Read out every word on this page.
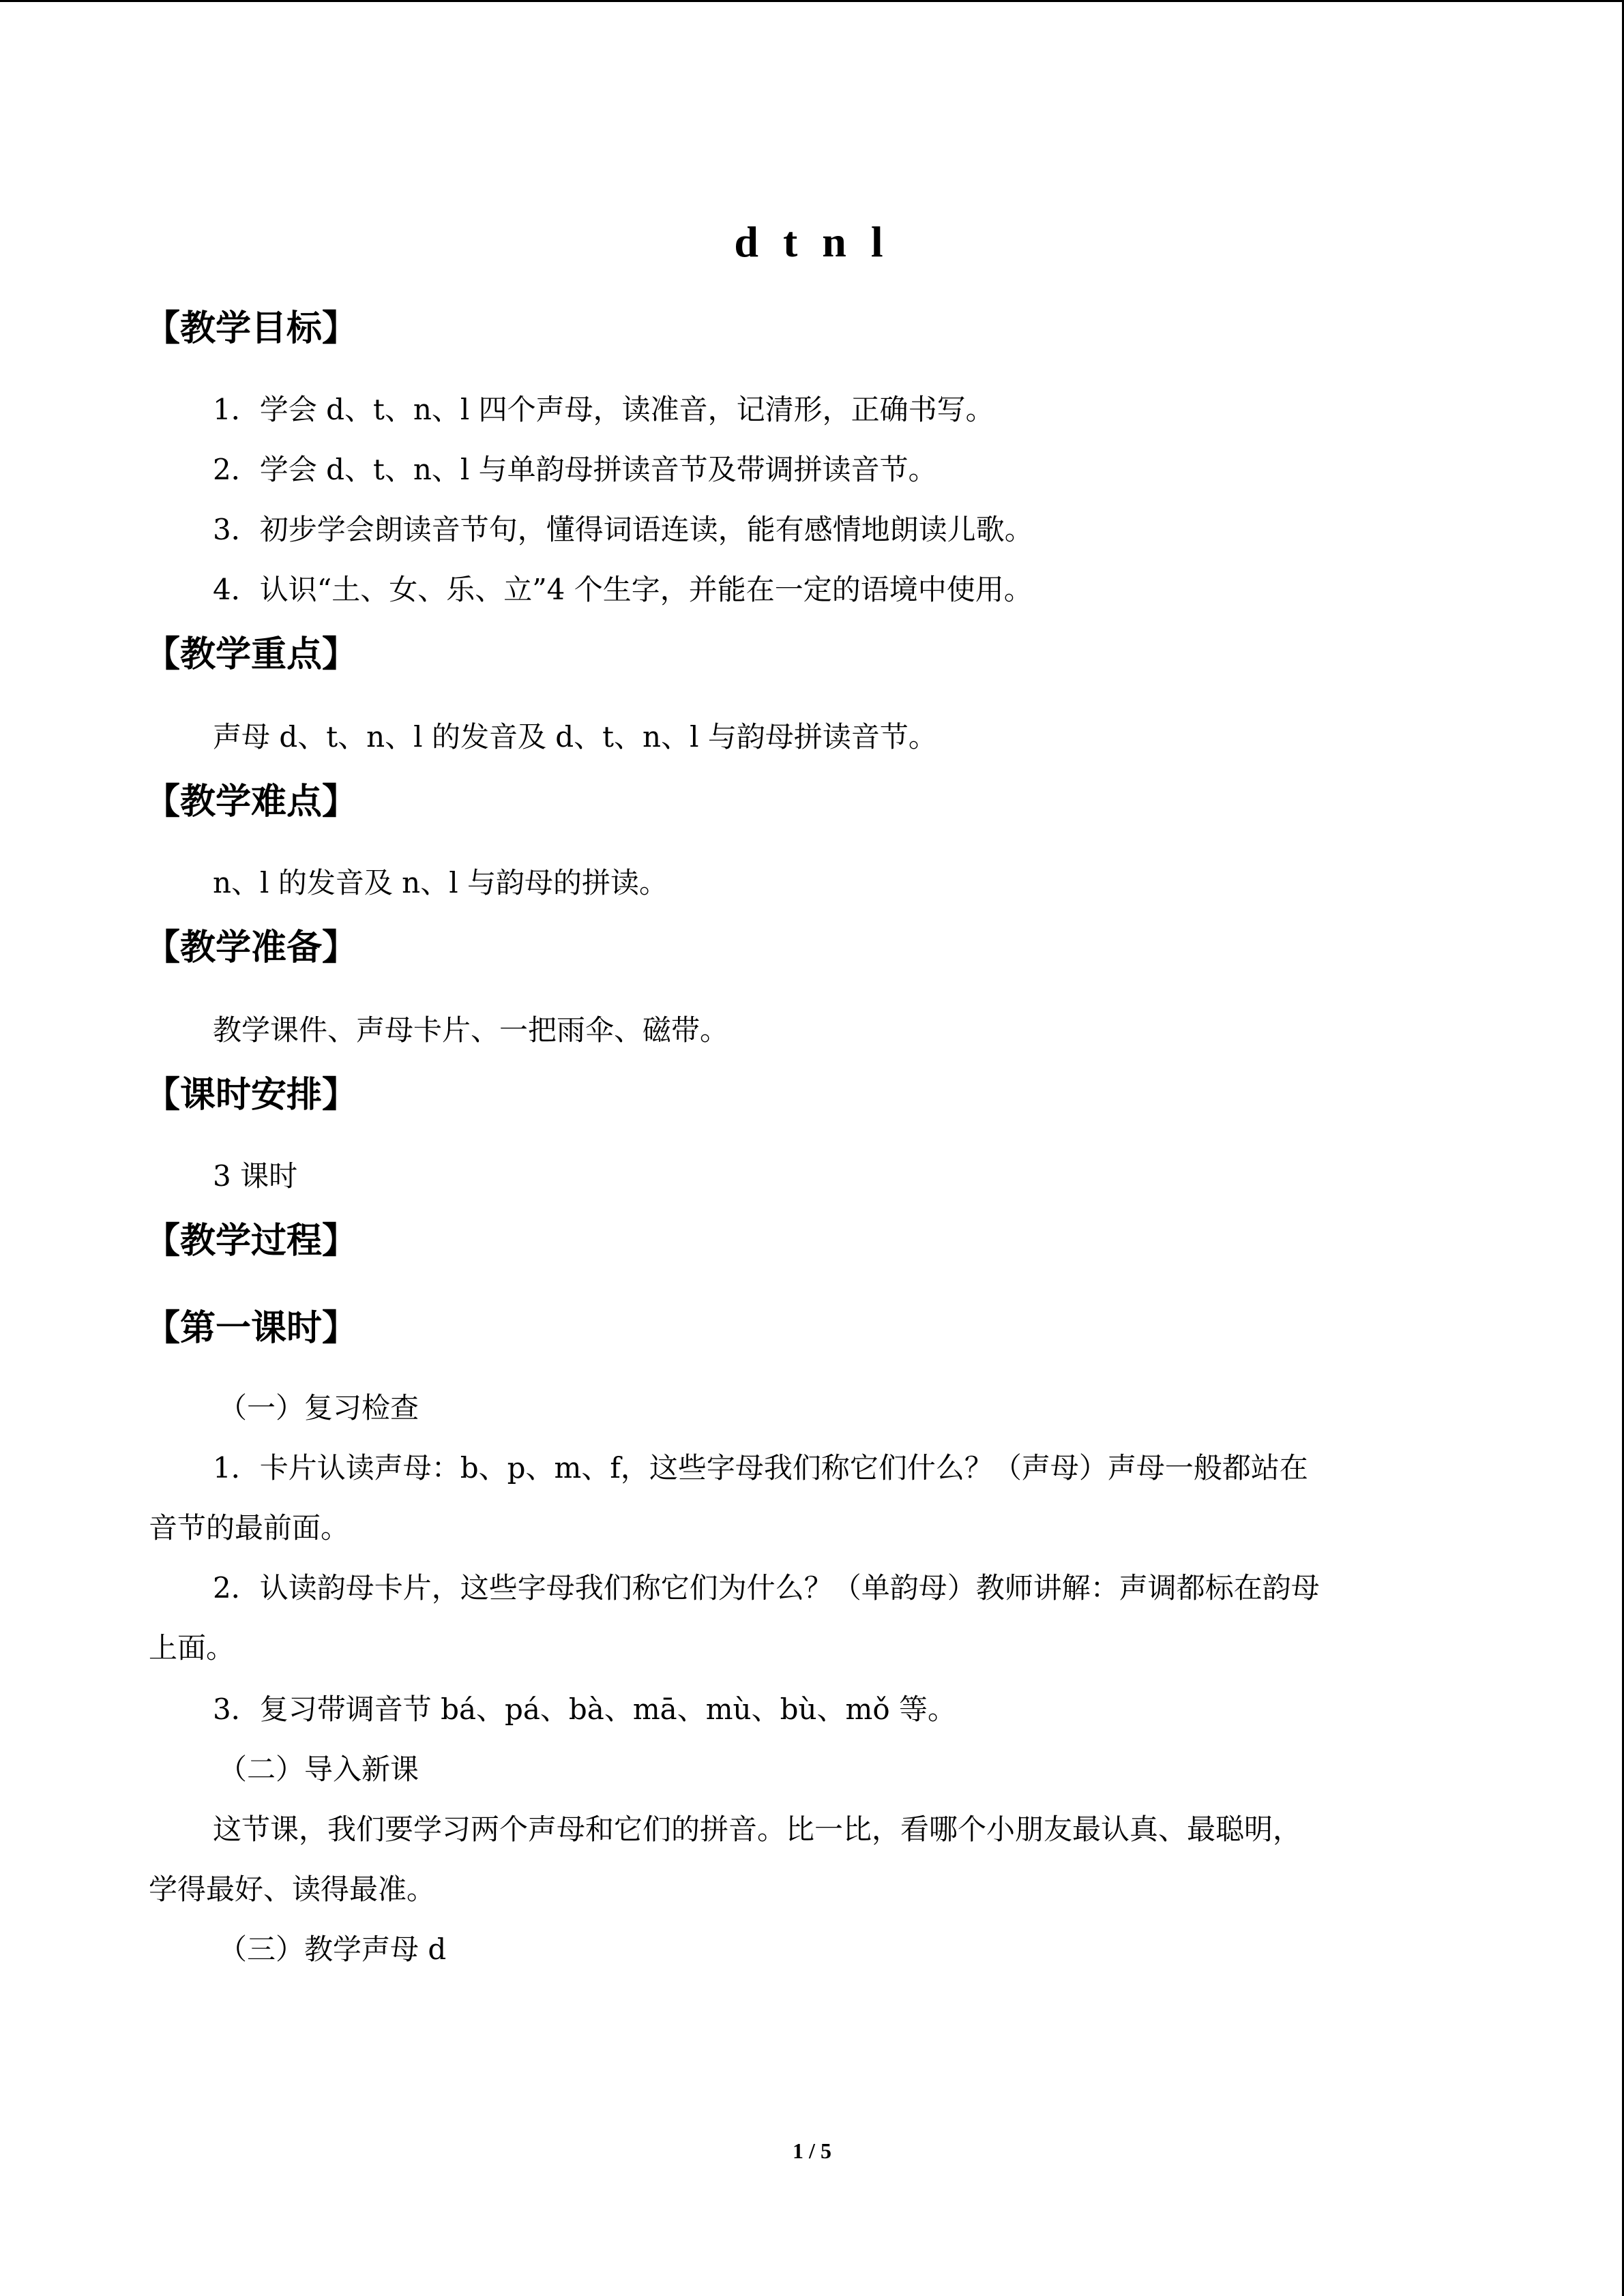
d t n l
【教学目标】
1．学会 d、t、n、l 四个声母，读准音，记清形，正确书写。
2．学会 d、t、n、l 与单韵母拼读音节及带调拼读音节。
3．初步学会朗读音节句，懂得词语连读，能有感情地朗读儿歌。
4．认识“土、女、乐、立”4 个生字，并能在一定的语境中使用。
【教学重点】
声母 d、t、n、l 的发音及 d、t、n、l 与韵母拼读音节。
【教学难点】
n、l 的发音及 n、l 与韵母的拼读。
【教学准备】
教学课件、声母卡片、一把雨伞、磁带。
【课时安排】
3 课时
【教学过程】
【第一课时】
（一）复习检查
1．卡片认读声母：b、p、m、f，这些字母我们称它们什么？（声母）声母一般都站在
音节的最前面。
2．认读韵母卡片，这些字母我们称它们为什么？（单韵母）教师讲解：声调都标在韵母
上面。
3．复习带调音节 bá、pá、bà、mā、mù、bù、mǒ 等。
（二）导入新课
这节课，我们要学习两个声母和它们的拼音。比一比，看哪个小朋友最认真、最聪明，
学得最好、读得最准。
（三）教学声母 d
1 / 5
